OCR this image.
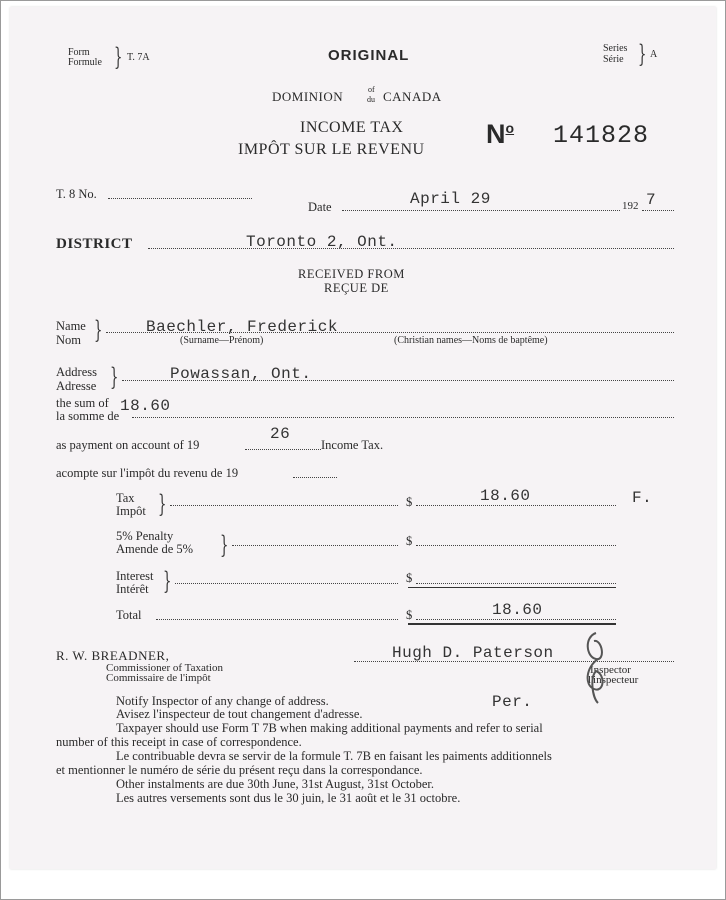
Form
Formule } T. 7A	ORIGINAL	Series
Série } A
DOMINION	of
du CANADA
INCOME TAX
IMPÔT SUR LE REVENU
$N^o$ 141828
T. 8 No.
Date	April 29	192 7
DISTRICT	Toronto 2, Ont.
RECEIVED FROM
REÇUE DE
Name
Nom }	Baechler, Frederick
(Surname—Prénom)	(Christian names—Noms de baptême)
Address
Adresse }	Powassan, Ont.
the sum of
la somme de
18.60
as payment on account of 19
26
Income Tax.
acompte sur l'impôt du revenu de 19
Tax
Impôt }	$	18.60	F.
5% Penalty
Amende de 5% }	$
Interest
Intérêt }	$
Total	$	18.60
R. W. BREADNER,
Commissioner of Taxation
Commissaire de l'impôt
Hugh D. Paterson
Inspector
l'inspecteur
Per.
Notify Inspector of any change of address.
Avisez l'inspecteur de tout changement d'adresse.
Taxpayer should use Form T 7B when making additional payments and refer to serial
number of this receipt in case of correspondence.
Le contribuable devra se servir de la formule T. 7B en faisant les paiments additionnels
et mentionner le numéro de série du présent reçu dans la correspondance.
Other instalments are due 30th June, 31st August, 31st October.
Les autres versements sont dus le 30 juin, le 31 août et le 31 octobre.
